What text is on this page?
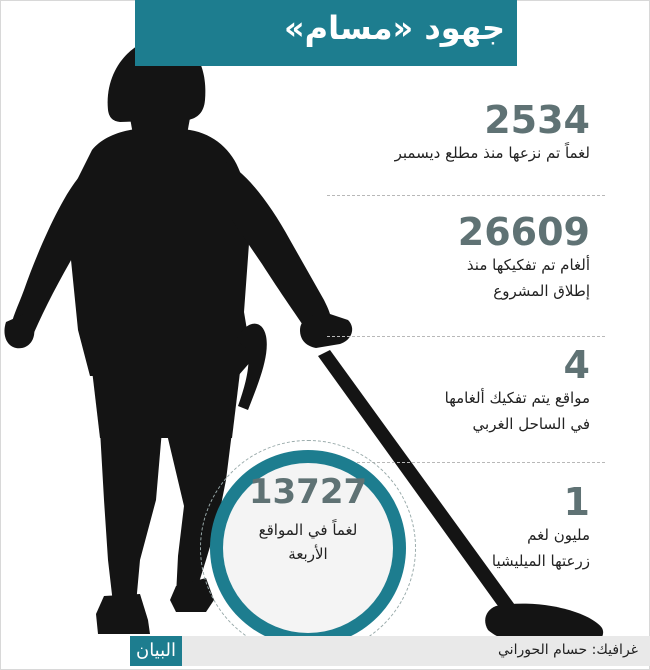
جهود «مسام»
2534
لغماً تم نزعها منذ مطلع ديسمبر
26609
ألغام تم تفكيكها منذ
إطلاق المشروع
4
مواقع يتم تفكيك ألغامها
في الساحل الغربي
1
مليون لغم
زرعتها الميليشيا
13727
لغماً في المواقع
الأربعة
البيان	غرافيك: حسام الحوراني
